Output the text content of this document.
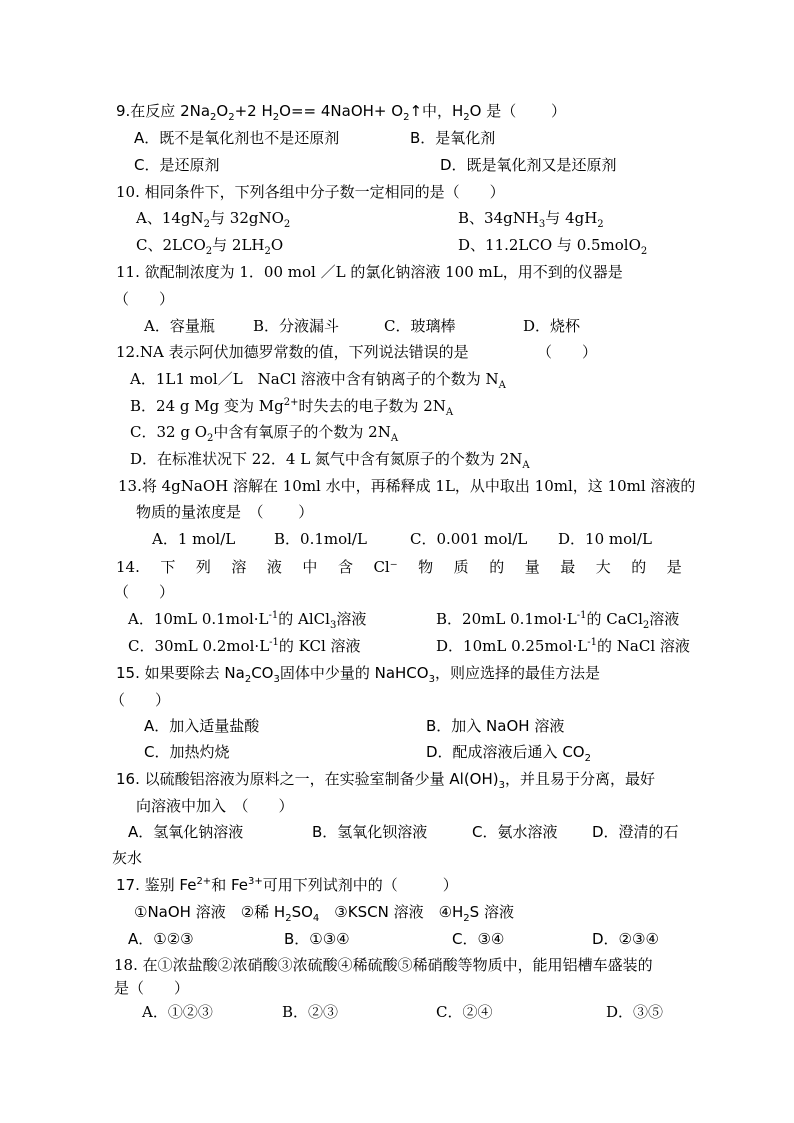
9.在反应 $2Na_2O_2+2$ $H_2O==$ 4NaOH+ $O_2↑$中，$H_2O$ 是（　　 ）
A．既不是氧化剂也不是还原剂	B．是氧化剂
C．是还原剂	D．既是氧化剂又是还原剂
10. 相同条件下，下列各组中分子数一定相同的是（　　）
A、$14gN_2$与 32gNO$_2$	B、34gNH$_3$与 $4gH_2$
C、$2LCO_2$与 $2LH_2O$	D、11.2LCO 与 0.5molO$_2$
11. 欲配制浓度为 1．00 mol ／L 的氯化钠溶液 100 mL，用不到的仪器是
（　　）
A．容量瓶	B．分液漏斗	C．玻璃棒	D．烧杯
12.NA 表示阿伏加德罗常数的值，下列说法错误的是	（　　）
A．1L1 mol／L　NaCl 溶液中含有钠离子的个数为 $N_A$
B．24 g Mg 变为 $Mg^{2+}$时失去的电子数为 $2N_A$
C．32 g $O_2$中含有氧原子的个数为 $2N_A$
D．在标准状况下 22．4 L 氮气中含有氮原子的个数为 $2N_A$
13.将 4gNaOH 溶解在 10ml 水中，再稀释成 1L，从中取出 10ml，这 10ml 溶液的
物质的量浓度是　（　　 ）
A．1 mol/L	B．0.1mol/L	C．0.001 mol/L D．10 mol/L
14. 下 列 溶 液 中 含 Cl⁻ 物 质 的 量 最 大 的 是
（　　）
A．10mL $0.1mol\cdot L^{-1}$的 AlCl$_3$溶液	B．20mL $0.1mol\cdot L^{-1}$的 CaCl$_2$溶液
C．30mL $0.2mol\cdot L^{-1}$的 KCl 溶液	D．10mL $0.25mol\cdot L^{-1}$的 NaCl 溶液
15. 如果要除去 $Na_2CO_3$固体中少量的 NaHCO$_3$，则应选择的最佳方法是
（　　）
A．加入适量盐酸	B．加入 NaOH 溶液
C．加热灼烧	D．配成溶液后通入 $CO_2$
16. 以硫酸铝溶液为原料之一，在实验室制备少量 $Al(OH)_3$，并且易于分离，最好
向溶液中加入　（　　）
A．氢氧化钠溶液	B．氢氧化钡溶液	C．氨水溶液 D．澄清的石
灰水
17. 鉴别 $Fe^{2+}$和 $Fe^{3+}$可用下列试剂中的（　　　）
①NaOH 溶液　②稀 $H_2SO_4$　③KSCN 溶液　$④H_2S$ 溶液
A．①②③	B．①③④	C．③④	D．②③④
18. 在①浓盐酸②浓硝酸③浓硫酸④稀硫酸⑤稀硝酸等物质中，能用铝槽车盛装的
是（　　）
A．①②③	B．②③	C．②④	D．③⑤
